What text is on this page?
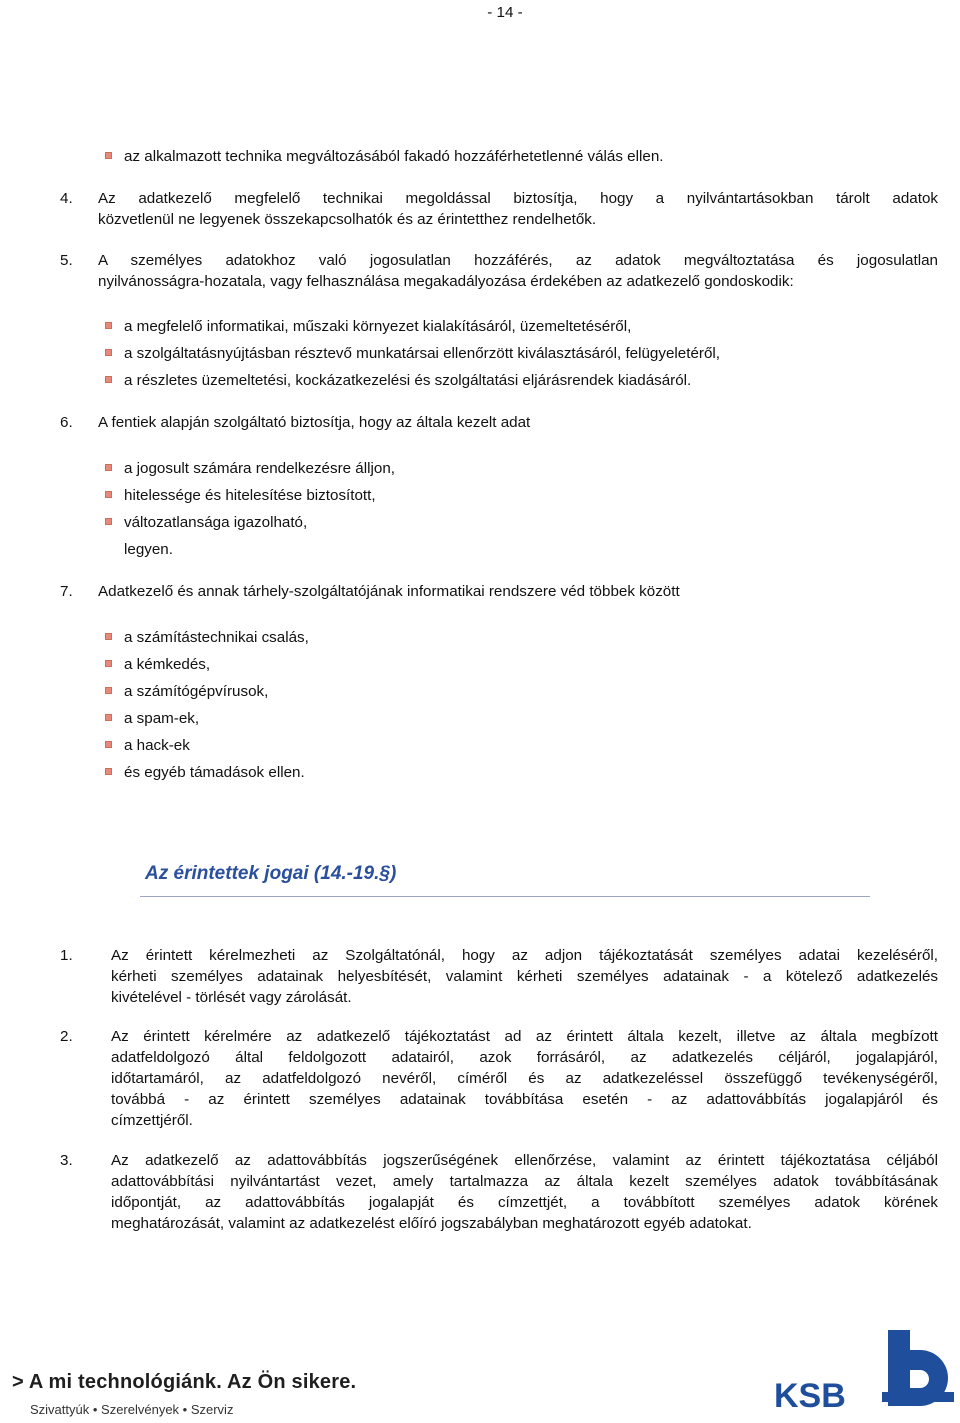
- 14 -
az alkalmazott technika megváltozásából fakadó hozzáférhetetlenné válás ellen.
4. Az adatkezelő megfelelő technikai megoldással biztosítja, hogy a nyilvántartásokban tárolt adatok
közvetlenül ne legyenek összekapcsolhatók és az érintetthez rendelhetők.
5. A személyes adatokhoz való jogosulatlan hozzáférés, az adatok megváltoztatása és jogosulatlan
nyilvánosságra-hozatala, vagy felhasználása megakadályozása érdekében az adatkezelő gondoskodik:
a megfelelő informatikai, műszaki környezet kialakításáról, üzemeltetéséről,
a szolgáltatásnyújtásban résztevő munkatársai ellenőrzött kiválasztásáról, felügyeletéről,
a részletes üzemeltetési, kockázatkezelési és szolgáltatási eljárásrendek kiadásáról.
6. A fentiek alapján szolgáltató biztosítja, hogy az általa kezelt adat
a jogosult számára rendelkezésre álljon,
hitelessége és hitelesítése biztosított,
változatlansága igazolható,
legyen.
7. Adatkezelő és annak tárhely-szolgáltatójának informatikai rendszere véd többek között
a számítástechnikai csalás,
a kémkedés,
a számítógépvírusok,
a spam-ek,
a hack-ek
és egyéb támadások ellen.
Az érintettek jogai (14.-19.§)
1.	Az érintett kérelmezheti az Szolgáltatónál, hogy az adjon tájékoztatását személyes adatai kezeléséről,
kérheti személyes adatainak helyesbítését, valamint kérheti személyes adatainak - a kötelező adatkezelés
kivételével - törlését vagy zárolását.
2.	Az érintett kérelmére az adatkezelő tájékoztatást ad az érintett általa kezelt, illetve az általa megbízott
adatfeldolgozó által feldolgozott adatairól, azok forrásáról, az adatkezelés céljáról, jogalapjáról,
időtartamáról, az adatfeldolgozó nevéről, címéről és az adatkezeléssel összefüggő tevékenységéről,
továbbá - az érintett személyes adatainak továbbítása esetén - az adattovábbítás jogalapjáról és
címzettjéről.
3.	Az adatkezelő az adattovábbítás jogszerűségének ellenőrzése, valamint az érintett tájékoztatása céljából
adattovábbítási nyilvántartást vezet, amely tartalmazza az általa kezelt személyes adatok továbbításának
időpontját, az adattovábbítás jogalapját és címzettjét, a továbbított személyes adatok körének
meghatározását, valamint az adatkezelést előíró jogszabályban meghatározott egyéb adatokat.
> A mi technológiánk. Az Ön sikere.
Szivattyúk • Szerelvények • Szerviz	KSB
